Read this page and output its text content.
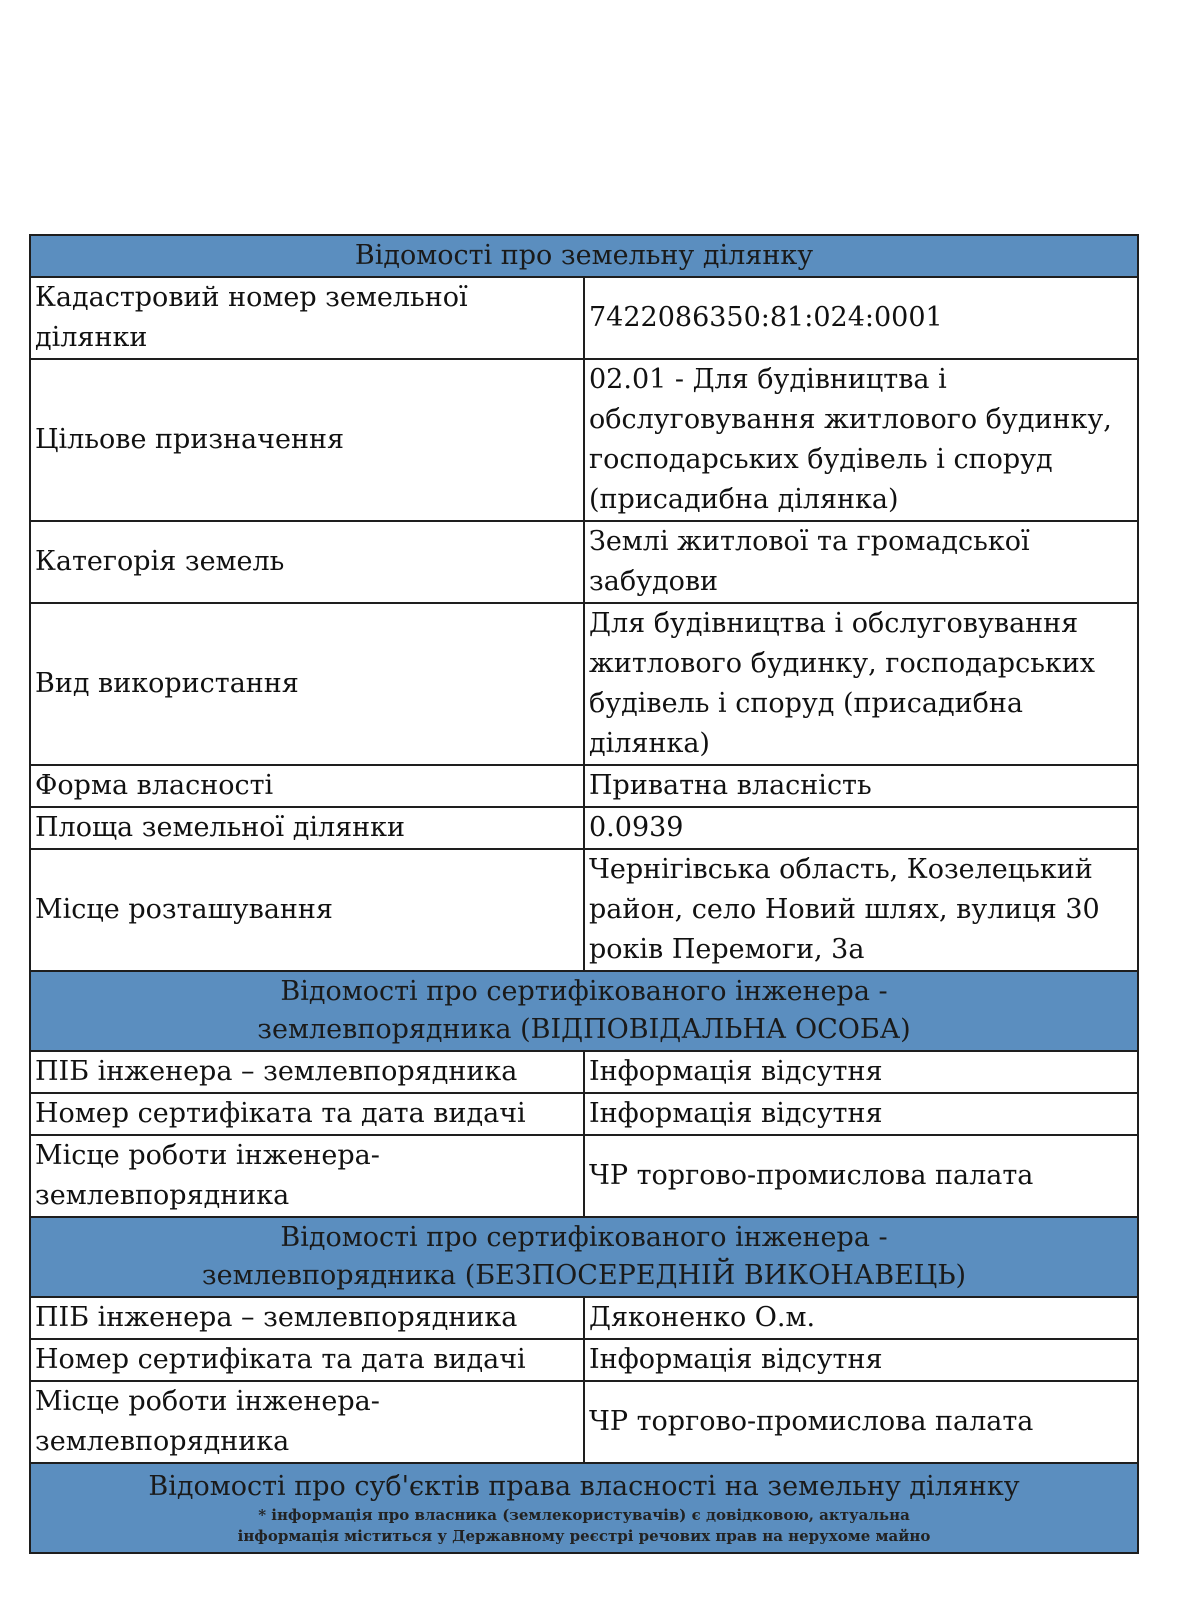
Відомості про земельну ділянку	
Кадастровий номер земельної ділянки	7422086350:81:024:0001
Цільове призначення	02.01 - Для будівництва і обслуговування житлового будинку, господарських будівель і споруд (присадибна ділянка)
Категорія земель	Землі житлової та громадської забудови
Вид використання	Для будівництва і обслуговування житлового будинку, господарських будівель і споруд (присадибна ділянка)
Форма власності	Приватна власність
Площа земельної ділянки	0.0939
Місце розташування	Чернігівська область, Козелецький район, село Новий шлях, вулиця 30 років Перемоги, 3а
Відомості про сертифікованого інженера -
землевпорядника (ВІДПОВІДАЛЬНА ОСОБА)	
ПІБ інженера – землевпорядника	Інформація відсутня
Номер сертифіката та дата видачі	Інформація відсутня
Місце роботи інженера- землевпорядника	ЧР торгово-промислова палата
Відомості про сертифікованого інженера -
землевпорядника (БЕЗПОСЕРЕДНІЙ ВИКОНАВЕЦЬ)	
ПІБ інженера – землевпорядника	Дяконенко О.м.
Номер сертифіката та дата видачі	Інформація відсутня
Місце роботи інженера- землевпорядника	ЧР торгово-промислова палата
Відомості про суб'єктів права власності на земельну ділянку
* інформація про власника (землекористувачів) є довідковою, актуальна
інформація міститься у Державному реєстрі речових прав на нерухоме майно	
